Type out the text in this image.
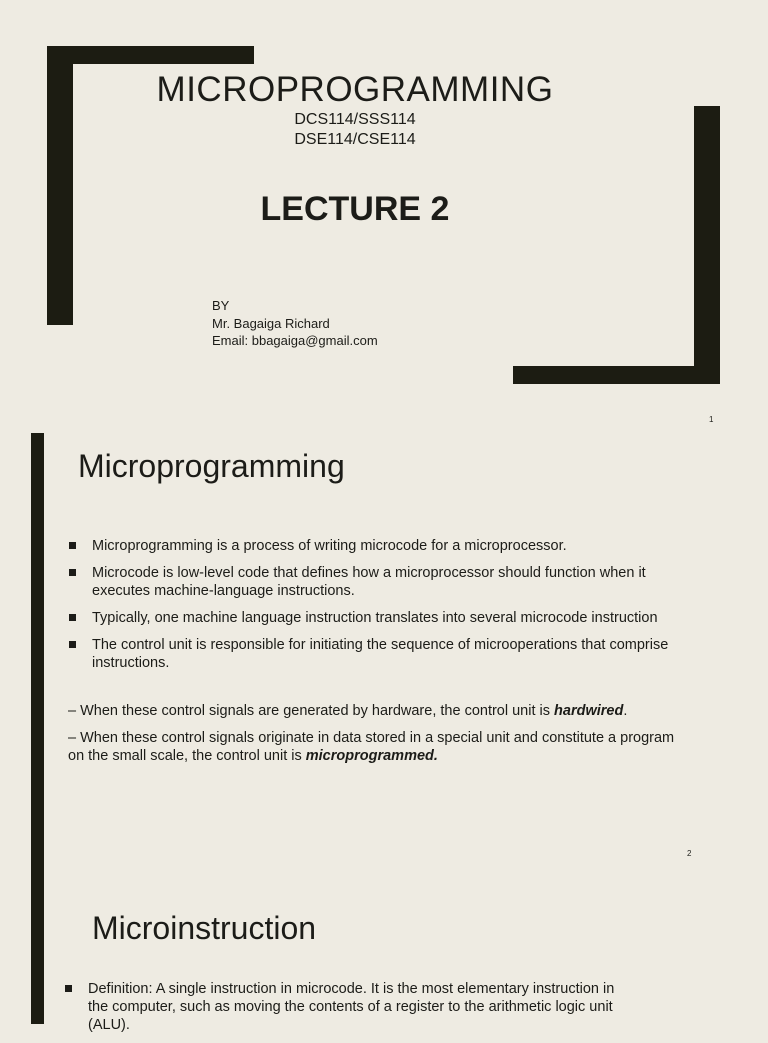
MICROPROGRAMMING
DCS114/SSS114
DSE114/CSE114
LECTURE 2
BY
Mr. Bagaiga Richard
Email: bbagaiga@gmail.com
1
Microprogramming
Microprogramming is a process of writing microcode for a microprocessor.
Microcode is low-level code that defines how a microprocessor should function when it executes machine-language instructions.
Typically, one machine language instruction translates into several microcode instruction
The control unit is responsible for initiating the sequence of microoperations that comprise instructions.
– When these control signals are generated by hardware, the control unit is hardwired.
– When these control signals originate in data stored in a special unit and constitute a program on the small scale, the control unit is microprogrammed.
2
Microinstruction
Definition: A single instruction in microcode. It is the most elementary instruction in the computer, such as moving the contents of a register to the arithmetic logic unit (ALU).
